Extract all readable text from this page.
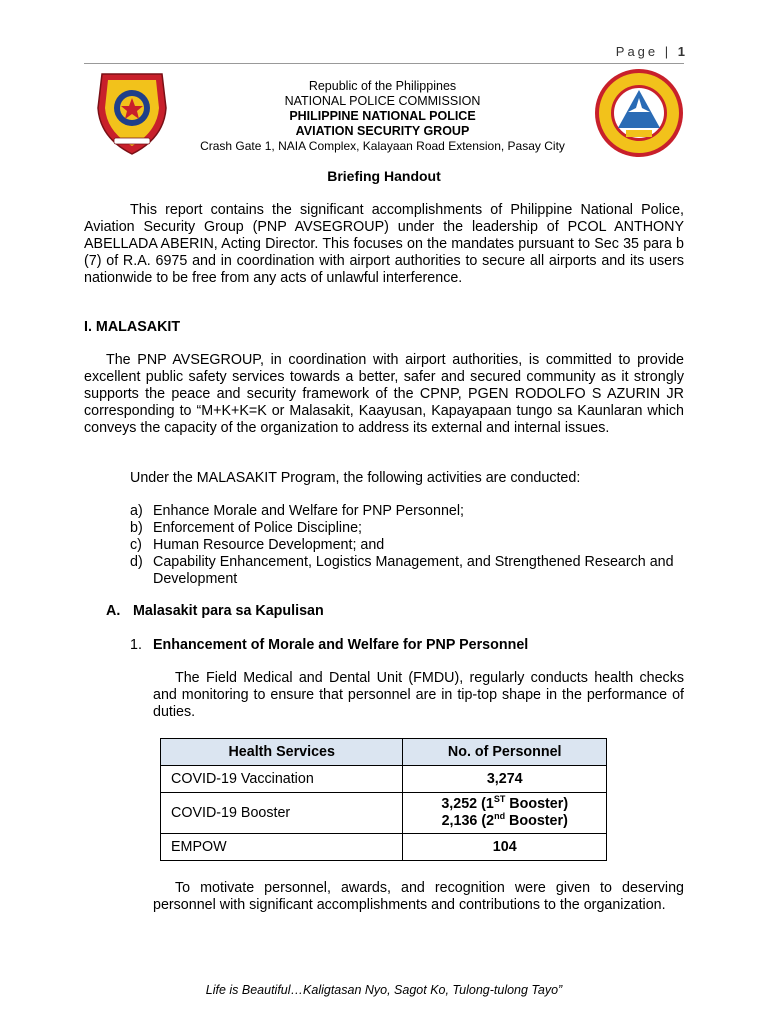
Page | 1
Republic of the Philippines
NATIONAL POLICE COMMISSION
PHILIPPINE NATIONAL POLICE
AVIATION SECURITY GROUP
Crash Gate 1, NAIA Complex, Kalayaan Road Extension, Pasay City
Briefing Handout

This report contains the significant accomplishments of Philippine National Police, Aviation Security Group (PNP AVSEGROUP) under the leadership of PCOL ANTHONY ABELLADA ABERIN, Acting Director. This focuses on the mandates pursuant to Sec 35 para b (7) of R.A. 6975 and in coordination with airport authorities to secure all airports and its users nationwide to be free from any acts of unlawful interference.

I. MALASAKIT

The PNP AVSEGROUP, in coordination with airport authorities, is committed to provide excellent public safety services towards a better, safer and secured community as it strongly supports the peace and security framework of the CPNP, PGEN RODOLFO S AZURIN JR corresponding to “M+K+K=K or Malasakit, Kaayusan, Kapayapaan tungo sa Kaunlaran which conveys the capacity of the organization to address its external and internal issues.

Under the MALASAKIT Program, the following activities are conducted:
a) Enhance Morale and Welfare for PNP Personnel;
b) Enforcement of Police Discipline;
c) Human Resource Development; and
d) Capability Enhancement, Logistics Management, and Strengthened Research and Development
A. Malasakit para sa Kapulisan
1. Enhancement of Morale and Welfare for PNP Personnel

The Field Medical and Dental Unit (FMDU), regularly conducts health checks and monitoring to ensure that personnel are in tip-top shape in the performance of duties.

Health Services	No. of Personnel
COVID-19 Vaccination	3,274
COVID-19 Booster	3,252 (1ST Booster)
2,136 (2nd Booster)

EMPOW	104

To motivate personnel, awards, and recognition were given to deserving personnel with significant accomplishments and contributions to the organization.

Life is Beautiful…Kaligtasan Nyo, Sagot Ko, Tulong-tulong Tayo”
